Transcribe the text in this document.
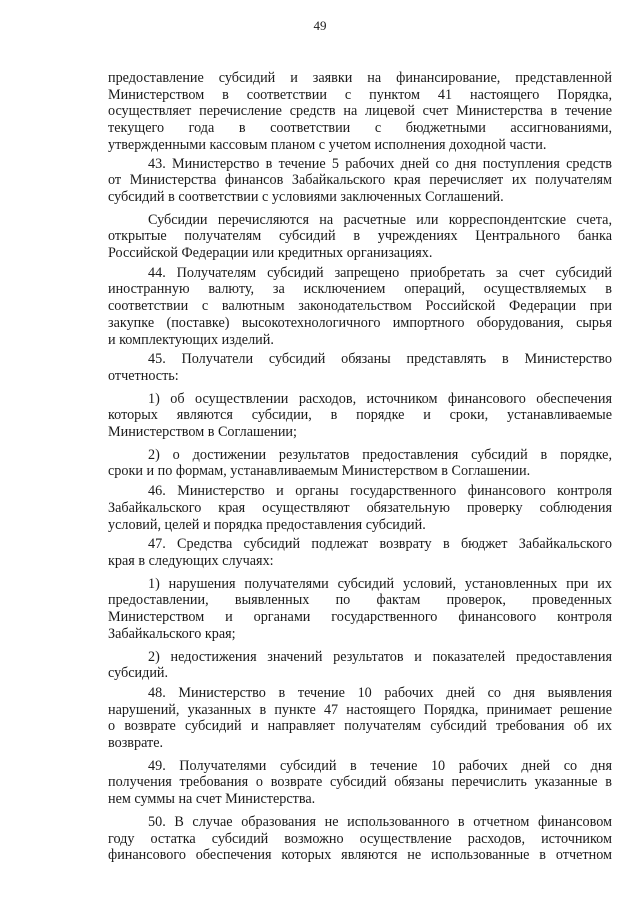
49

предоставление субсидий и заявки на финансирование, представленной
Министерством в соответствии с пунктом 41 настоящего Порядка,
осуществляет перечисление средств на лицевой счет Министерства в течение
текущего года в соответствии с бюджетными ассигнованиями,
утвержденными кассовым планом с учетом исполнения доходной части.

43. Министерство в течение 5 рабочих дней со дня поступления средств
от Министерства финансов Забайкальского края перечисляет их получателям
субсидий в соответствии с условиями заключенных Соглашений.

Субсидии перечисляются на расчетные или корреспондентские счета,
открытые получателям субсидий в учреждениях Центрального банка
Российской Федерации или кредитных организациях.

44. Получателям субсидий запрещено приобретать за счет субсидий
иностранную валюту, за исключением операций, осуществляемых в
соответствии с валютным законодательством Российской Федерации при
закупке (поставке) высокотехнологичного импортного оборудования, сырья
и комплектующих изделий.

45. Получатели субсидий обязаны представлять в Министерство
отчетность:

1) об осуществлении расходов, источником финансового обеспечения
которых являются субсидии, в порядке и сроки, устанавливаемые
Министерством в Соглашении;

2) о достижении результатов предоставления субсидий в порядке,
сроки и по формам, устанавливаемым Министерством в Соглашении.

46. Министерство и органы государственного финансового контроля
Забайкальского края осуществляют обязательную проверку соблюдения
условий, целей и порядка предоставления субсидий.

47. Средства субсидий подлежат возврату в бюджет Забайкальского
края в следующих случаях:

1) нарушения получателями субсидий условий, установленных при их
предоставлении, выявленных по фактам проверок, проведенных
Министерством и органами государственного финансового контроля
Забайкальского края;

2) недостижения значений результатов и показателей предоставления
субсидий.

48. Министерство в течение 10 рабочих дней со дня выявления
нарушений, указанных в пункте 47 настоящего Порядка, принимает решение
о возврате субсидий и направляет получателям субсидий требования об их
возврате.

49. Получателями субсидий в течение 10 рабочих дней со дня
получения требования о возврате субсидий обязаны перечислить указанные в
нем суммы на счет Министерства.

50. В случае образования не использованного в отчетном финансовом
году остатка субсидий возможно осуществление расходов, источником
финансового обеспечения которых являются не использованные в отчетном
